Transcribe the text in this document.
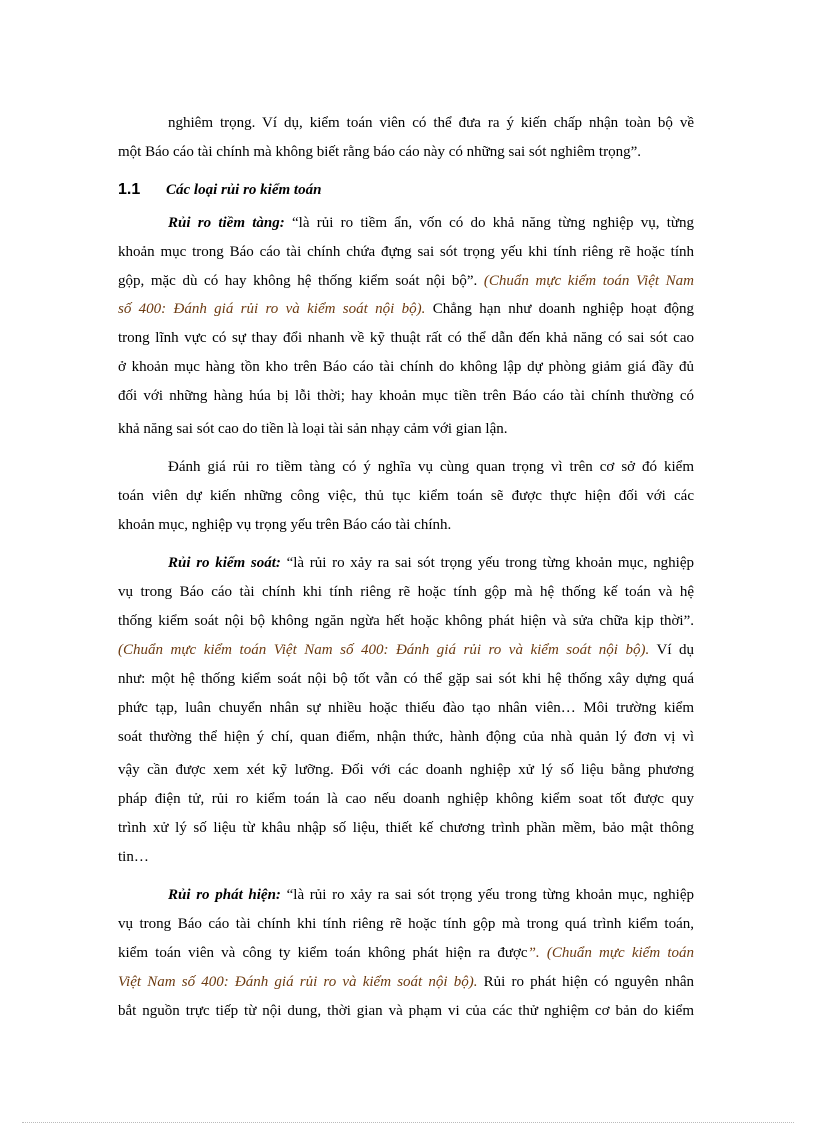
nghiêm trọng. Ví dụ, kiểm toán viên có thể đưa ra ý kiến chấp nhận toàn bộ về
một Báo cáo tài chính mà không biết rằng báo cáo này có những sai sót nghiêm trọng”.
1.1 Các loại rủi ro kiểm toán
Rủi ro tiềm tàng: “là rủi ro tiềm ẩn, vốn có do khả năng từng nghiệp vụ, từng
khoản mục trong Báo cáo tài chính chứa đựng sai sót trọng yếu khi tính riêng rẽ hoặc tính
gộp, mặc dù có hay không hệ thống kiểm soát nội bộ”. (Chuẩn mực kiểm toán Việt Nam
số 400: Đánh giá rủi ro và kiểm soát nội bộ). Chẳng hạn như doanh nghiệp hoạt động
trong lĩnh vực có sự thay đổi nhanh về kỹ thuật rất có thể dẫn đến khả năng có sai sót cao
ở khoản mục hàng tồn kho trên Báo cáo tài chính do không lập dự phòng giảm giá đầy đủ
đối với những hàng húa bị lỗi thời; hay khoản mục tiền trên Báo cáo tài chính thường có
khả năng sai sót cao do tiền là loại tài sản nhạy cảm với gian lận.
Đánh giá rủi ro tiềm tàng có ý nghĩa vụ cùng quan trọng vì trên cơ sở đó kiểm
toán viên dự kiến những công việc, thủ tục kiểm toán sẽ được thực hiện đối với các
khoản mục, nghiệp vụ trọng yếu trên Báo cáo tài chính.
Rủi ro kiểm soát: “là rủi ro xảy ra sai sót trọng yếu trong từng khoản mục, nghiệp
vụ trong Báo cáo tài chính khi tính riêng rẽ hoặc tính gộp mà hệ thống kế toán và hệ
thống kiểm soát nội bộ không ngăn ngừa hết hoặc không phát hiện và sửa chữa kịp thời”.
(Chuẩn mực kiểm toán Việt Nam số 400: Đánh giá rủi ro và kiểm soát nội bộ). Ví dụ
như: một hệ thống kiểm soát nội bộ tốt vẫn có thể gặp sai sót khi hệ thống xây dựng quá
phức tạp, luân chuyển nhân sự nhiều hoặc thiếu đào tạo nhân viên… Môi trường kiểm
soát thường thể hiện ý chí, quan điểm, nhận thức, hành động của nhà quản lý đơn vị vì
vậy cần được xem xét kỹ lưỡng. Đối với các doanh nghiệp xử lý số liệu bằng phương
pháp điện tử, rủi ro kiểm toán là cao nếu doanh nghiệp không kiểm soat tốt được quy
trình xử lý số liệu từ khâu nhập số liệu, thiết kế chương trình phần mềm, bảo mật thông
tin…
Rủi ro phát hiện: “là rủi ro xảy ra sai sót trọng yếu trong từng khoản mục, nghiệp
vụ trong Báo cáo tài chính khi tính riêng rẽ hoặc tính gộp mà trong quá trình kiểm toán,
kiểm toán viên và công ty kiểm toán không phát hiện ra được”. (Chuẩn mực kiểm toán
Việt Nam số 400: Đánh giá rủi ro và kiểm soát nội bộ). Rủi ro phát hiện có nguyên nhân
bắt nguồn trực tiếp từ nội dung, thời gian và phạm vi của các thử nghiệm cơ bản do kiểm
